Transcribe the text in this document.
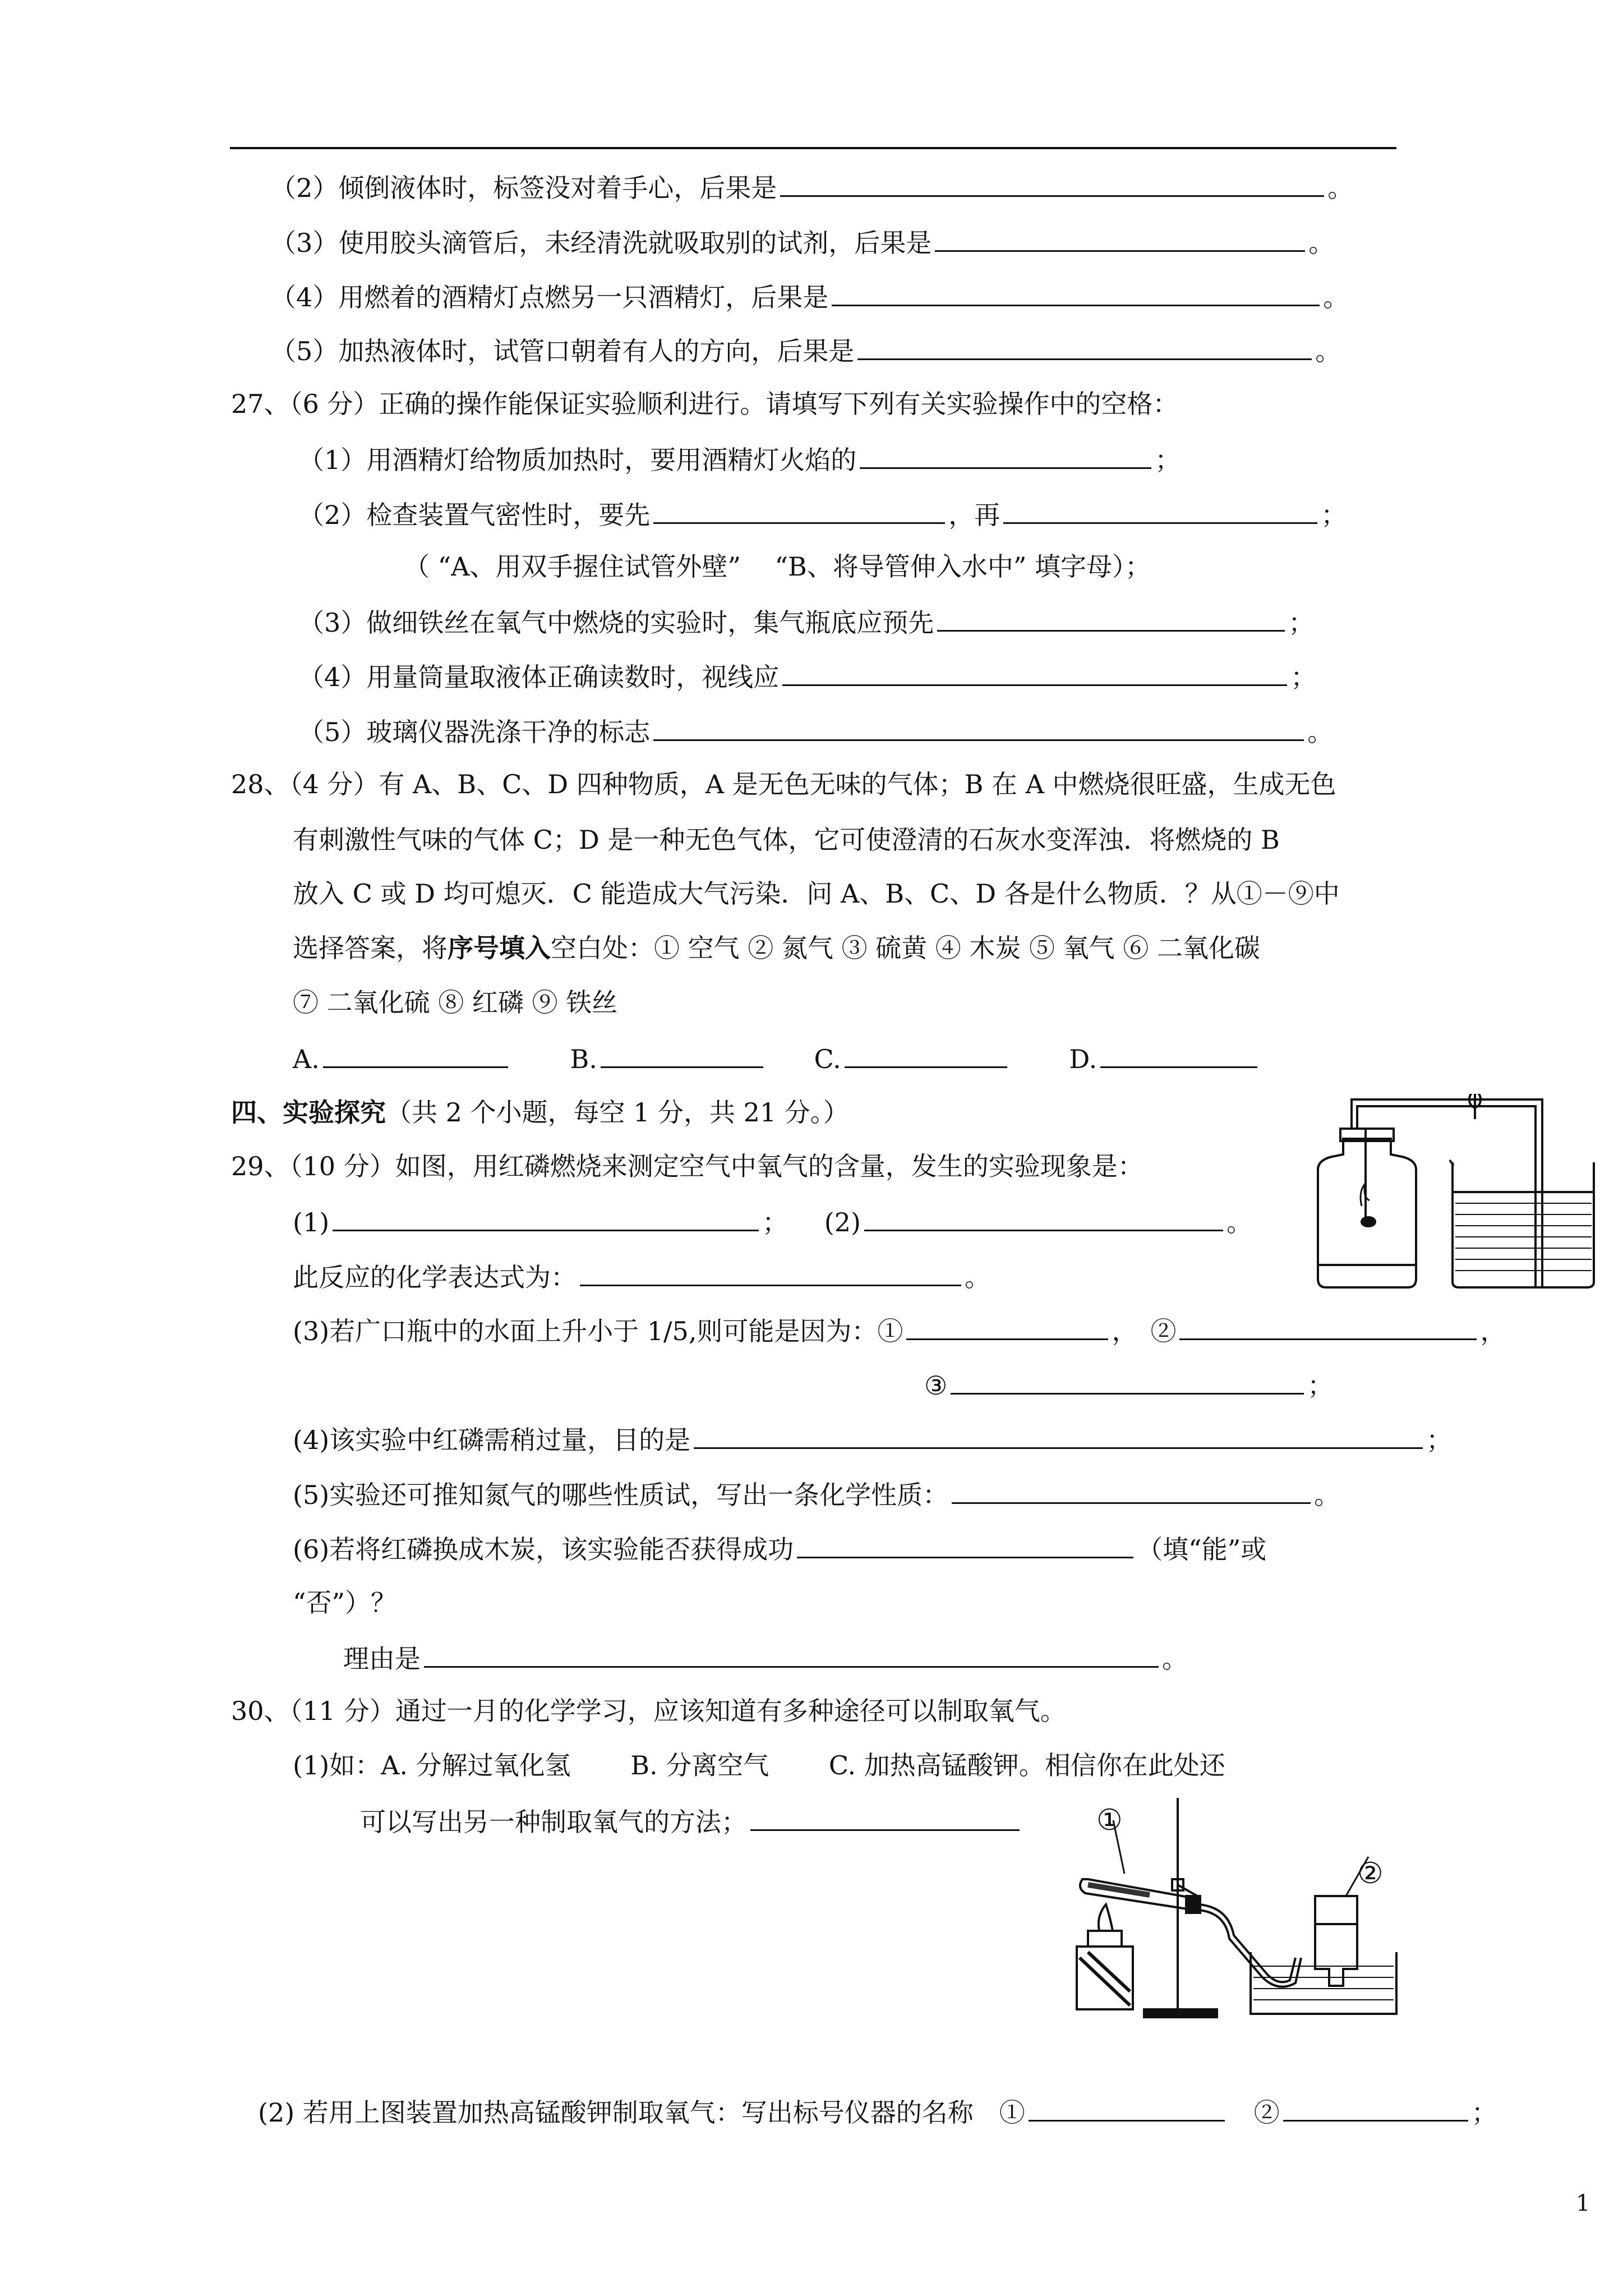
（2）倾倒液体时，标签没对着手心，后果是	。
（3）使用胶头滴管后，未经清洗就吸取别的试剂，后果是	。
（4）用燃着的酒精灯点燃另一只酒精灯，后果是	。
（5）加热液体时，试管口朝着有人的方向，后果是	。
27、（6 分）正确的操作能保证实验顺利进行。请填写下列有关实验操作中的空格：
（1）用酒精灯给物质加热时，要用酒精灯火焰的	；
（2）检查装置气密性时，要先	，再	；
（ “A、用双手握住试管外壁”　 “B、将导管伸入水中” 填字母）；
（3）做细铁丝在氧气中燃烧的实验时，集气瓶底应预先	；
（4）用量筒量取液体正确读数时，视线应	；
（5）玻璃仪器洗涤干净的标志	。
28、（4 分）有 A、B、C、D 四种物质，A 是无色无味的气体；B 在 A 中燃烧很旺盛，生成无色
有刺激性气味的气体 C；D 是一种无色气体，它可使澄清的石灰水变浑浊．将燃烧的 B
放入 C 或 D 均可熄灭．C 能造成大气污染．问 A、B、C、D 各是什么物质．？从①－⑨中
选择答案，将序号填入空白处：① 空气 ② 氮气 ③ 硫黄 ④ 木炭 ⑤ 氧气 ⑥ 二氧化碳
⑦ 二氧化硫 ⑧ 红磷 ⑨ 铁丝
A.	B.	C.	D.
四、实验探究（共 2 个小题，每空 1 分，共 21 分。）
29、（10 分）如图，用红磷燃烧来测定空气中氧气的含量，发生的实验现象是：
(1)	； (2)	。
此反应的化学表达式为：	。
(3)若广口瓶中的水面上升小于 1/5,则可能是因为：①	，　②	，
③	；
(4)该实验中红磷需稍过量，目的是	；
(5)实验还可推知氮气的哪些性质试，写出一条化学性质：	。
(6)若将红磷换成木炭，该实验能否获得成功	（填“能”或
“否”）？
理由是	。
30、（11 分）通过一月的化学学习，应该知道有多种途径可以制取氧气。
(1)如：A. 分解过氧化氢　　 B. 分离空气　　 C. 加热高锰酸钾。相信你在此处还
可以写出另一种制取氧气的方法；
(2) 若用上图装置加热高锰酸钾制取氧气：写出标号仪器的名称　①	　②	；
①
②
1
